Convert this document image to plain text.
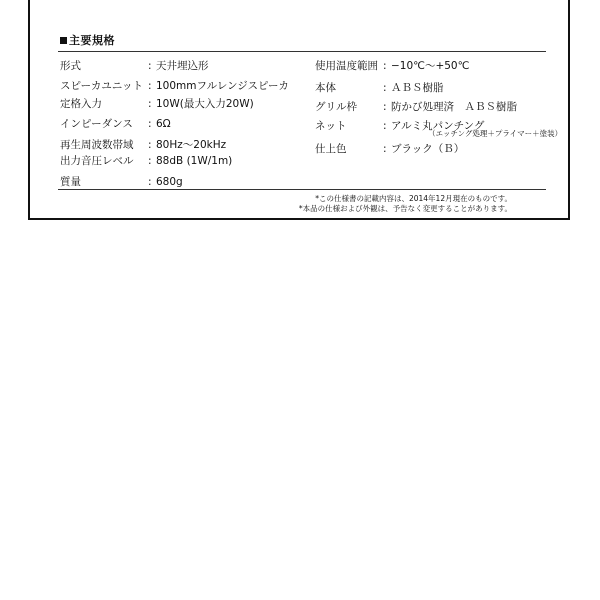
主要規格
形式	: 天井埋込形
スピーカユニット : 100mmフルレンジスピーカ
定格入力	: 10W(最大入力20W)
インピーダンス : 6Ω
再生周波数帯域 : 80Hz～20kHz
出力音圧レベル : 88dB (1W/1m)
質量	: 680g
使用温度範囲 : −10℃～+50℃
本体	: ＡＢＳ樹脂
グリル枠 : 防かび処理済　ＡＢＳ樹脂
ネット	: アルミ丸パンチング
（エッチング処理＋プライマー＋塗装）
仕上色	: ブラック（Ｂ）
*この仕様書の記載内容は、2014年12月現在のものです。
*本品の仕様および外観は、予告なく変更することがあります。
